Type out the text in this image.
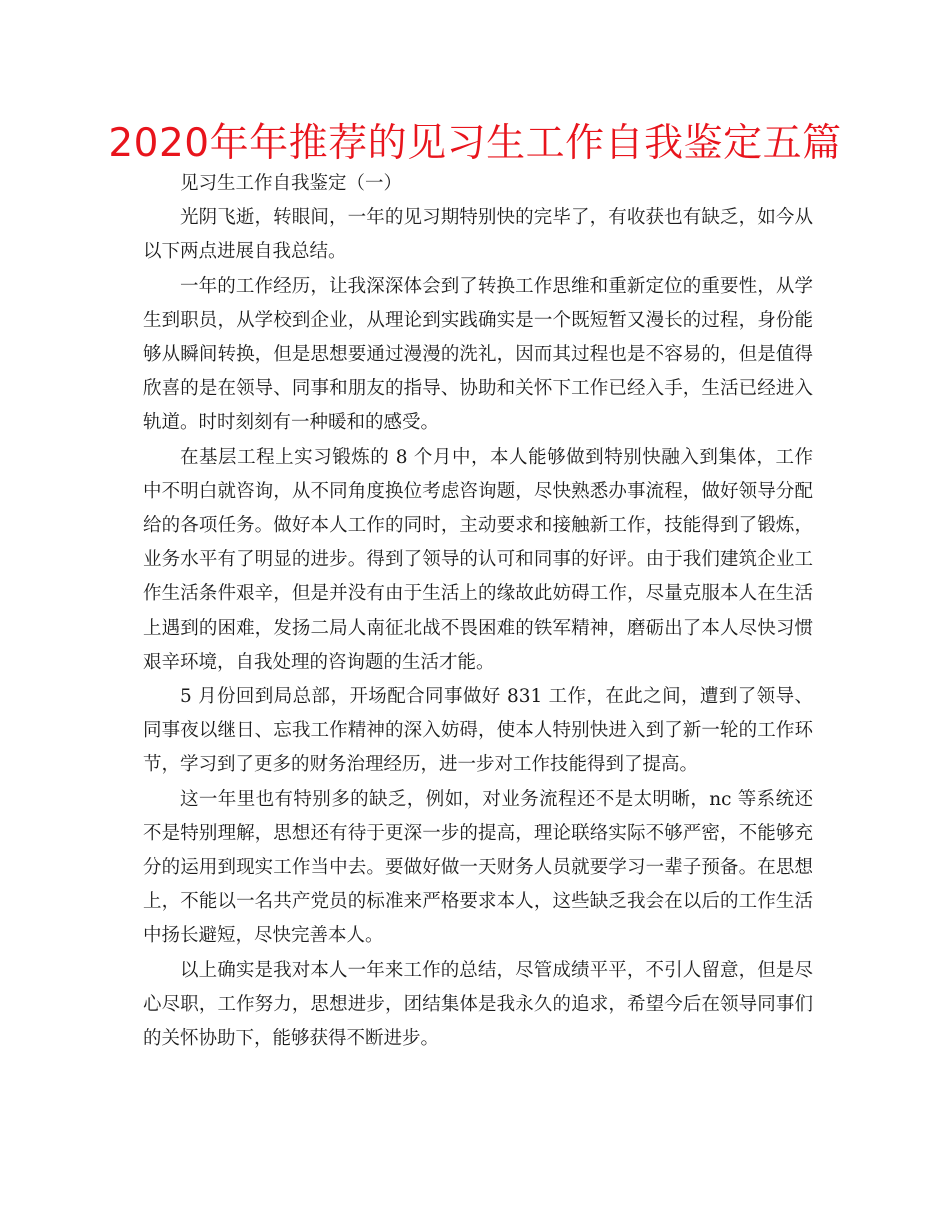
2020年年推荐的见习生工作自我鉴定五篇

见习生工作自我鉴定（一）

光阴飞逝，转眼间，一年的见习期特别快的完毕了，有收获也有缺乏，如今从以下两点进展自我总结。

一年的工作经历，让我深深体会到了转换工作思维和重新定位的重要性，从学生到职员，从学校到企业，从理论到实践确实是一个既短暂又漫长的过程，身份能够从瞬间转换，但是思想要通过漫漫的洗礼，因而其过程也是不容易的，但是值得欣喜的是在领导、同事和朋友的指导、协助和关怀下工作已经入手，生活已经进入轨道。时时刻刻有一种暖和的感受。

在基层工程上实习锻炼的 8 个月中，本人能够做到特别快融入到集体，工作中不明白就咨询，从不同角度换位考虑咨询题，尽快熟悉办事流程，做好领导分配给的各项任务。做好本人工作的同时，主动要求和接触新工作，技能得到了锻炼，业务水平有了明显的进步。得到了领导的认可和同事的好评。由于我们建筑企业工作生活条件艰辛，但是并没有由于生活上的缘故此妨碍工作，尽量克服本人在生活上遇到的困难，发扬二局人南征北战不畏困难的铁军精神，磨砺出了本人尽快习惯艰辛环境，自我处理的咨询题的生活才能。

5 月份回到局总部，开场配合同事做好 831 工作，在此之间，遭到了领导、同事夜以继日、忘我工作精神的深入妨碍，使本人特别快进入到了新一轮的工作环节，学习到了更多的财务治理经历，进一步对工作技能得到了提高。

这一年里也有特别多的缺乏，例如，对业务流程还不是太明晰，nc 等系统还不是特别理解，思想还有待于更深一步的提高，理论联络实际不够严密，不能够充分的运用到现实工作当中去。要做好做一天财务人员就要学习一辈子预备。在思想上，不能以一名共产党员的标准来严格要求本人，这些缺乏我会在以后的工作生活中扬长避短，尽快完善本人。

以上确实是我对本人一年来工作的总结，尽管成绩平平，不引人留意，但是尽心尽职，工作努力，思想进步，团结集体是我永久的追求，希望今后在领导同事们的关怀协助下，能够获得不断进步。
